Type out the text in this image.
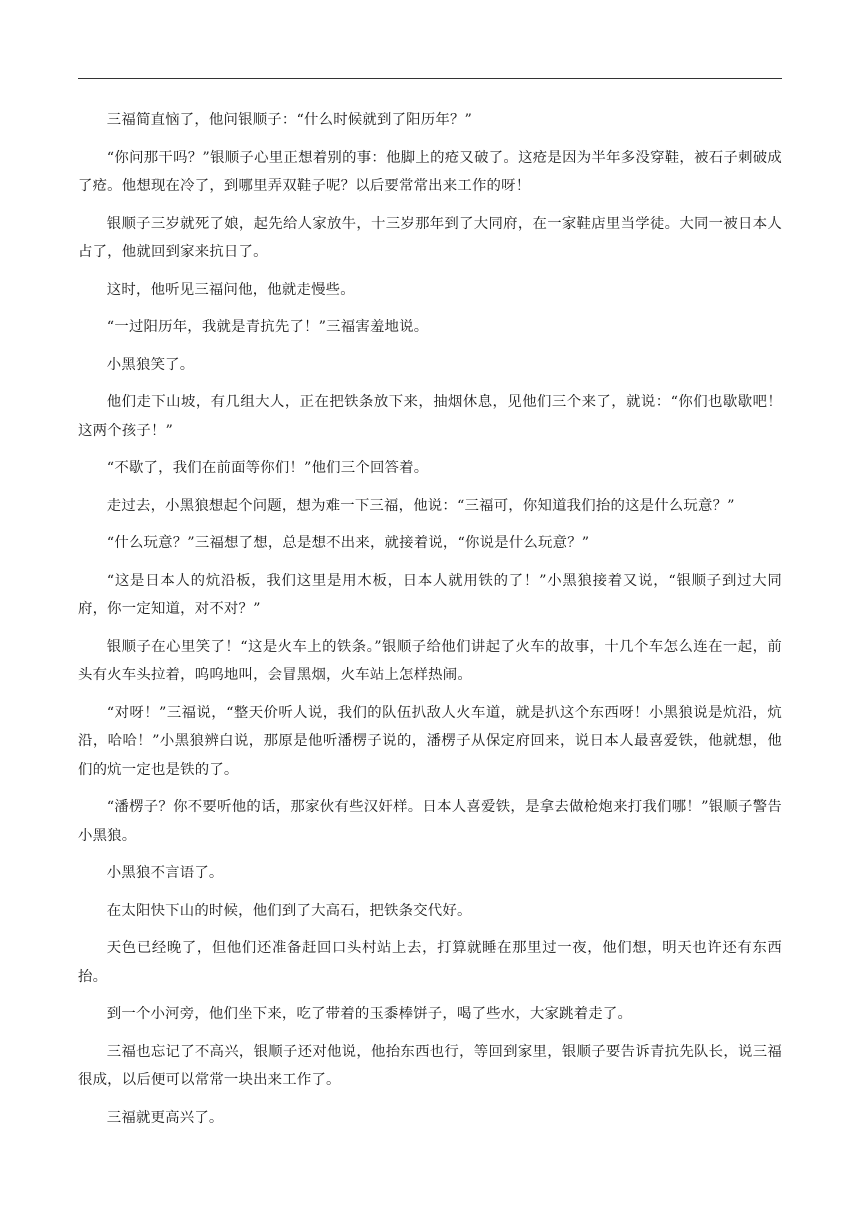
三福简直恼了，他问银顺子：“什么时候就到了阳历年？”

“你问那干吗？”银顺子心里正想着别的事：他脚上的疮又破了。这疮是因为半年多没穿鞋，被石子刺破成了疮。他想现在冷了，到哪里弄双鞋子呢？以后要常常出来工作的呀！

银顺子三岁就死了娘，起先给人家放牛，十三岁那年到了大同府，在一家鞋店里当学徒。大同一被日本人占了，他就回到家来抗日了。

这时，他听见三福问他，他就走慢些。

“一过阳历年，我就是青抗先了！”三福害羞地说。

小黑狼笑了。

他们走下山坡，有几组大人，正在把铁条放下来，抽烟休息，见他们三个来了，就说：“你们也歇歇吧！这两个孩子！”

“不歇了，我们在前面等你们！”他们三个回答着。

走过去，小黑狼想起个问题，想为难一下三福，他说：“三福可，你知道我们抬的这是什么玩意？”

“什么玩意？”三福想了想，总是想不出来，就接着说，“你说是什么玩意？”

“这是日本人的炕沿板，我们这里是用木板，日本人就用铁的了！”小黑狼接着又说，“银顺子到过大同府，你一定知道，对不对？”

银顺子在心里笑了！“这是火车上的铁条。”银顺子给他们讲起了火车的故事，十几个车怎么连在一起，前头有火车头拉着，呜呜地叫，会冒黑烟，火车站上怎样热闹。

“对呀！”三福说，“整天价听人说，我们的队伍扒敌人火车道，就是扒这个东西呀！小黑狼说是炕沿，炕沿，哈哈！”小黑狼辨白说，那原是他听潘楞子说的，潘楞子从保定府回来，说日本人最喜爱铁，他就想，他们的炕一定也是铁的了。

“潘楞子？你不要听他的话，那家伙有些汉奸样。日本人喜爱铁，是拿去做枪炮来打我们哪！”银顺子警告小黑狼。

小黑狼不言语了。

在太阳快下山的时候，他们到了大高石，把铁条交代好。

天色已经晚了，但他们还准备赶回口头村站上去，打算就睡在那里过一夜，他们想，明天也许还有东西抬。

到一个小河旁，他们坐下来，吃了带着的玉黍棒饼子，喝了些水，大家跳着走了。

三福也忘记了不高兴，银顺子还对他说，他抬东西也行，等回到家里，银顺子要告诉青抗先队长，说三福很成，以后便可以常常一块出来工作了。

三福就更高兴了。
